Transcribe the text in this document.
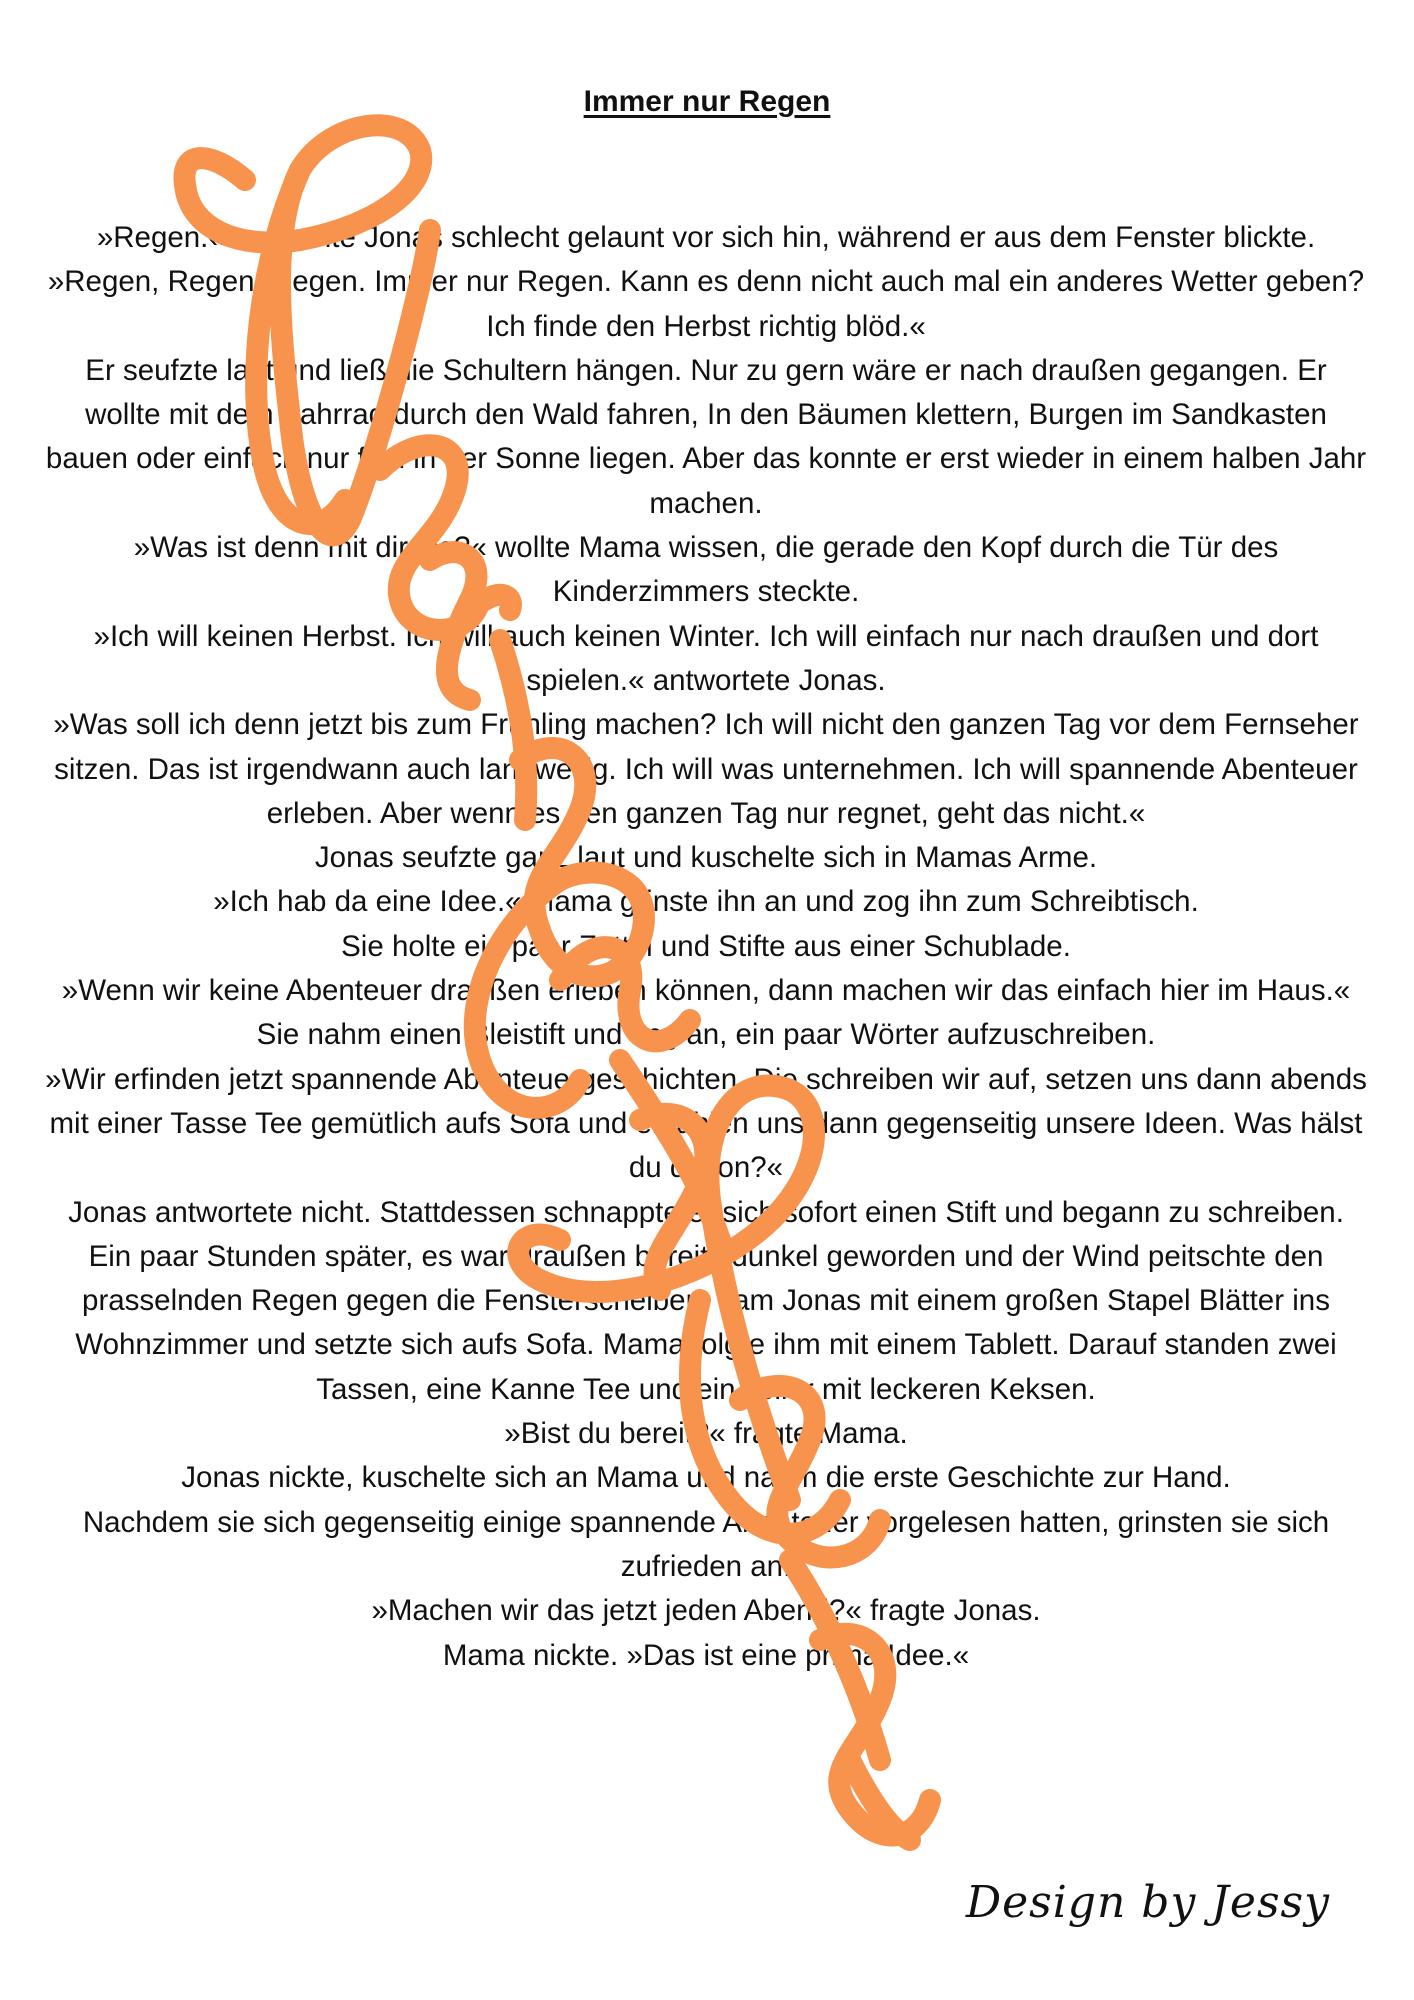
Immer nur Regen

»Regen.« murmelte Jonas schlecht gelaunt vor sich hin, während er aus dem Fenster blickte.

»Regen, Regen, Regen. Immer nur Regen. Kann es denn nicht auch mal ein anderes Wetter geben? Ich finde den Herbst richtig blöd.«

Er seufzte laut und ließ die Schultern hängen. Nur zu gern wäre er nach draußen gegangen. Er wollte mit dem Fahrrad durch den Wald fahren, In den Bäumen klettern, Burgen im Sandkasten bauen oder einfach nur faul in der Sonne liegen. Aber das konnte er erst wieder in einem halben Jahr machen.

»Was ist denn mit dir los?« wollte Mama wissen, die gerade den Kopf durch die Tür des Kinderzimmers steckte.

»Ich will keinen Herbst. Ich will auch keinen Winter. Ich will einfach nur nach draußen und dort spielen.« antwortete Jonas.

»Was soll ich denn jetzt bis zum Frühling machen? Ich will nicht den ganzen Tag vor dem Fernseher sitzen. Das ist irgendwann auch langweilig. Ich will was unternehmen. Ich will spannende Abenteuer erleben. Aber wenn es den ganzen Tag nur regnet, geht das nicht.«

Jonas seufzte ganz laut und kuschelte sich in Mamas Arme.

»Ich hab da eine Idee.« Mama grinste ihn an und zog ihn zum Schreibtisch.

Sie holte ein paar Zettel und Stifte aus einer Schublade.

»Wenn wir keine Abenteuer draußen erleben können, dann machen wir das einfach hier im Haus.«

Sie nahm einen Bleistift und fing an, ein paar Wörter aufzuschreiben.

»Wir erfinden jetzt spannende Abenteuergeschichten. Die schreiben wir auf, setzen uns dann abends mit einer Tasse Tee gemütlich aufs Sofa und erzählen uns dann gegenseitig unsere Ideen. Was hälst du davon?«

Jonas antwortete nicht. Stattdessen schnappte er sich sofort einen Stift und begann zu schreiben.

Ein paar Stunden später, es war draußen bereits dunkel geworden und der Wind peitschte den prasselnden Regen gegen die Fensterscheiben, kam Jonas mit einem großen Stapel Blätter ins Wohnzimmer und setzte sich aufs Sofa. Mama folgte ihm mit einem Tablett. Darauf standen zwei Tassen, eine Kanne Tee und ein Teller mit leckeren Keksen.

»Bist du bereit?« fragte Mama.

Jonas nickte, kuschelte sich an Mama und nahm die erste Geschichte zur Hand.

Nachdem sie sich gegenseitig einige spannende Abenteuer vorgelesen hatten, grinsten sie sich zufrieden an.

»Machen wir das jetzt jeden Abend?« fragte Jonas.

Mama nickte. »Das ist eine prima Idee.«

Design by Jessy
